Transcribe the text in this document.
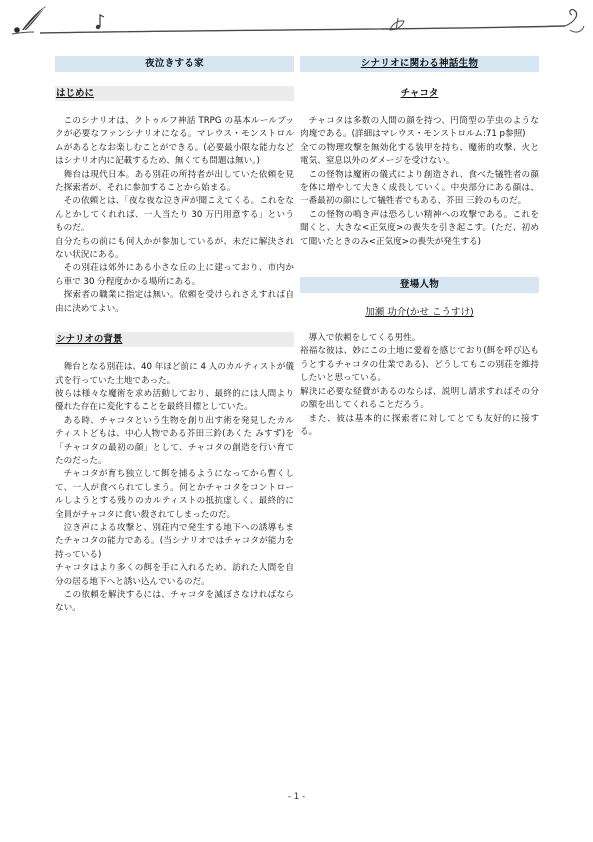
夜泣きする家
はじめに

このシナリオは、クトゥルフ神話 TRPG の基本ルールブックが必要なファンシナリオになる。マレウス・モンストロルムがあるとなお楽しむことができる。(必要最小限な能力などはシナリオ内に記載するため、無くても問題は無い。)

舞台は現代日本。ある別荘の所持者が出していた依頼を見た探索者が、それに参加することから始まる。

その依頼とは、「夜な夜な泣き声が聞こえてくる。これをなんとかしてくれれば、一人当たり 30 万円用意する」というものだ。

自分たちの前にも何人かが参加しているが、未だに解決されない状況にある。

その別荘は郊外にある小さな丘の上に建っており、市内から車で 30 分程度かかる場所にある。

探索者の職業に指定は無い。依頼を受けられさえすれば自由に決めてよい。

シナリオの背景

舞台となる別荘は、40 年ほど前に 4 人のカルティストが儀式を行っていた土地であった。

彼らは様々な魔術を求め活動しており、最終的には人間より優れた存在に変化することを最終目標としていた。

ある時、チャコタという生物を創り出す術を発見したカルティストどもは、中心人物である芥田三鈴(あくた みすず)を「チャコタの最初の顔」として、チャコタの創造を行い育てたのだった。

チャコタが育ち独立して餌を捕るようになってから暫くして、一人が食べられてしまう。何とかチャコタをコントロールしようとする残りのカルティストの抵抗虚しく、最終的に全員がチャコタに食い殺されてしまったのだ。

泣き声による攻撃と、別荘内で発生する地下への誘導もまたチャコタの能力である。(当シナリオではチャコタが能力を持っている)

チャコタはより多くの餌を手に入れるため、訪れた人間を自分の居る地下へと誘い込んでいるのだ。

この依頼を解決するには、チャコタを滅ぼさなければならない。

シナリオに関わる神話生物
チャコタ

チャコタは多数の人間の顔を持つ、円筒型の芋虫のような肉塊である。(詳細はマレウス・モンストロルム:71 p参照)

全ての物理攻撃を無効化する装甲を持ち、魔術的攻撃、火と電気、窒息以外のダメージを受けない。

この怪物は魔術の儀式により創造され、食べた犠牲者の顔を体に増やして大きく成長していく。中央部分にある顔は、一番最初の顔にして犠牲者でもある、芥田 三鈴のものだ。

この怪物の鳴き声は恐ろしい精神への攻撃である。これを聞くと、大きな<正気度>の喪失を引き起こす。(ただ、初めて聞いたときのみ<正気度>の喪失が発生する)

登場人物
加瀬 功介(かせ こうすけ)

導入で依頼をしてくる男性。

裕福な彼は、妙にこの土地に愛着を感じており(餌を呼び込もうとするチャコタの仕業である)、どうしてもこの別荘を維持したいと思っている。

解決に必要な経費があるのならば、説明し請求すればその分の額を出してくれることだろう。

また、彼は基本的に探索者に対してとても友好的に接する。

- 1 -
